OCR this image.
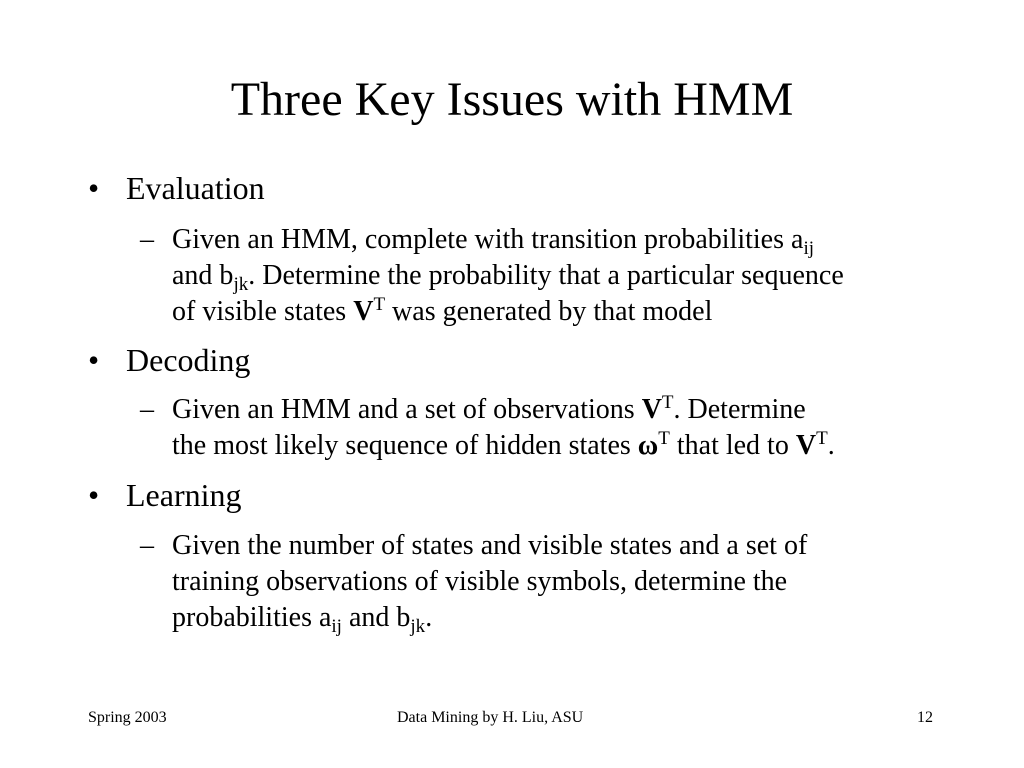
Three Key Issues with HMM
• Evaluation
– Given an HMM, complete with transition probabilities $a_{ij}$
and $b_{jk}$. Determine the probability that a particular sequence
of visible states $V^T$ was generated by that model
• Decoding
– Given an HMM and a set of observations $V^T$. Determine
the most likely sequence of hidden states $\omega^T$ that led to $V^T$.
• Learning
– Given the number of states and visible states and a set of
training observations of visible symbols, determine the
probabilities $a_{ij}$ and $b_{jk}$.
Spring 2003	Data Mining by H. Liu, ASU	12
